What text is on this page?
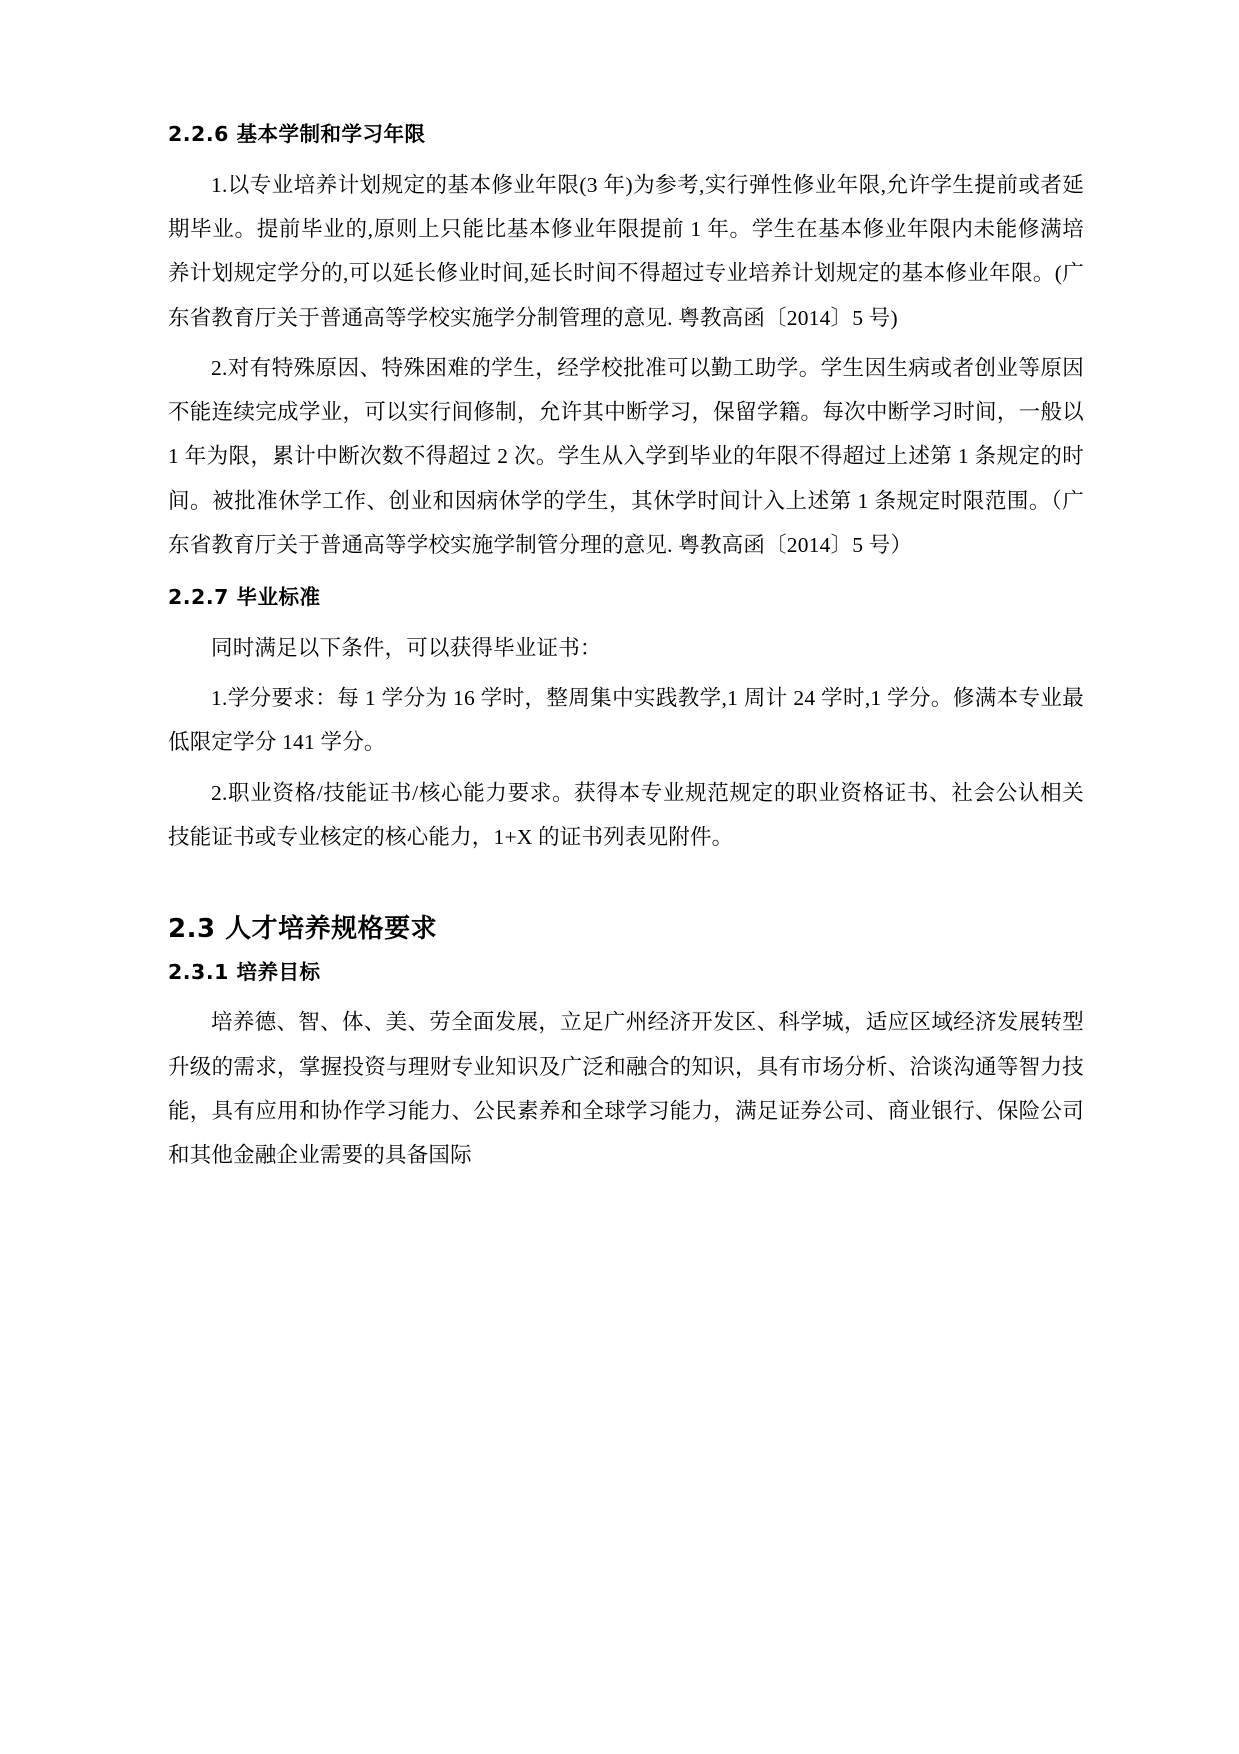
2.2.6 基本学制和学习年限

1.以专业培养计划规定的基本修业年限(3 年)为参考,实行弹性修业年限,允许学生提前或者延期毕业。提前毕业的,原则上只能比基本修业年限提前 1 年。学生在基本修业年限内未能修满培养计划规定学分的,可以延长修业时间,延长时间不得超过专业培养计划规定的基本修业年限。(广东省教育厅关于普通高等学校实施学分制管理的意见. 粤教高函〔2014〕5 号)

2.对有特殊原因、特殊困难的学生，经学校批准可以勤工助学。学生因生病或者创业等原因不能连续完成学业，可以实行间修制，允许其中断学习，保留学籍。每次中断学习时间，一般以 1 年为限，累计中断次数不得超过 2 次。学生从入学到毕业的年限不得超过上述第 1 条规定的时间。被批准休学工作、创业和因病休学的学生，其休学时间计入上述第 1 条规定时限范围。（广东省教育厅关于普通高等学校实施学制管分理的意见. 粤教高函〔2014〕5 号）

2.2.7 毕业标准

同时满足以下条件，可以获得毕业证书：

1.学分要求：每 1 学分为 16 学时，整周集中实践教学,1 周计 24 学时,1 学分。修满本专业最低限定学分 141 学分。

2.职业资格/技能证书/核心能力要求。获得本专业规范规定的职业资格证书、社会公认相关技能证书或专业核定的核心能力，1+X 的证书列表见附件。

2.3 人才培养规格要求
2.3.1 培养目标

培养德、智、体、美、劳全面发展，立足广州经济开发区、科学城，适应区域经济发展转型升级的需求，掌握投资与理财专业知识及广泛和融合的知识，具有市场分析、洽谈沟通等智力技能，具有应用和协作学习能力、公民素养和全球学习能力，满足证券公司、商业银行、保险公司和其他金融企业需要的具备国际
